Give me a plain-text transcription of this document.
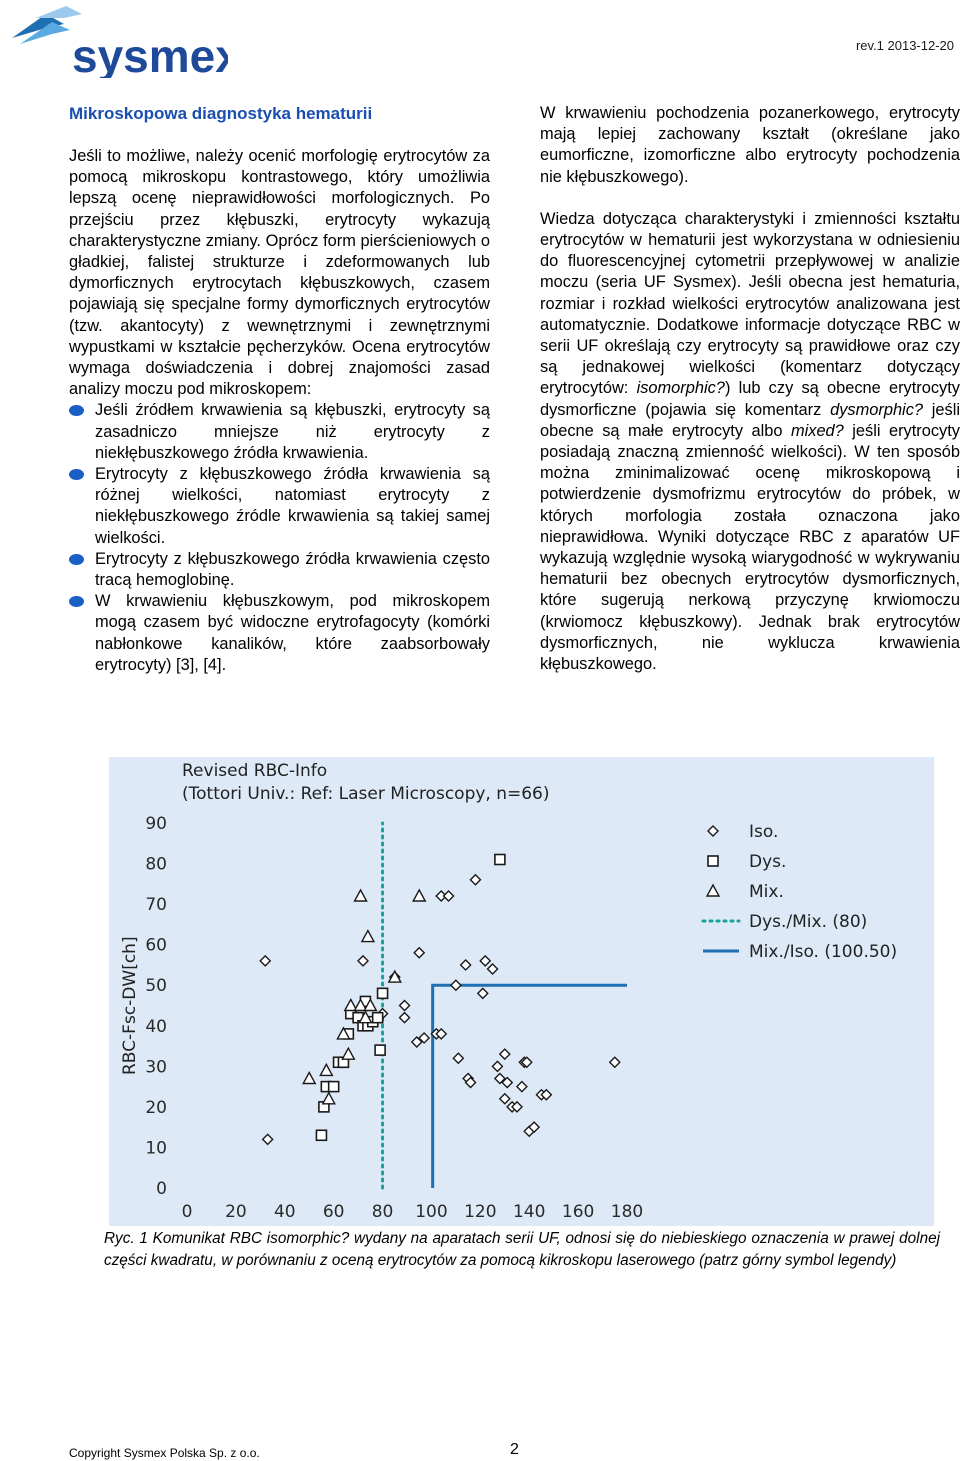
sysmex	rev.1 2013-12-20
Mikroskopowa diagnostyka hematurii

Jeśli to możliwe, należy ocenić morfologię erytrocytów za pomocą mikroskopu kontrastowego, który umożliwia lepszą ocenę nieprawidłowości morfologicznych. Po przejściu przez kłębuszki, erytrocyty wykazują charakterystyczne zmiany. Oprócz form pierścieniowych o gładkiej, falistej strukturze i zdeformowanych lub dymorficznych erytrocytach kłębuszkowych, czasem pojawiają się specjalne formy dymorficznych erytrocytów (tzw. akantocyty) z wewnętrznymi i zewnętrznymi wypustkami w kształcie pęcherzyków. Ocena erytrocytów wymaga doświadczenia i dobrej znajomości zasad analizy moczu pod mikroskopem:

Jeśli źródłem krwawienia są kłębuszki, erytrocyty są zasadniczo mniejsze niż erytrocyty z niekłębuszkowego źródła krwawienia.
Erytrocyty z kłębuszkowego źródła krwawienia są różnej wielkości, natomiast erytrocyty z niekłębuszkowego źródle krwawienia są takiej samej wielkości.
Erytrocyty z kłębuszkowego źródła krwawienia często tracą hemoglobinę.
W krwawieniu kłębuszkowym, pod mikroskopem mogą czasem być widoczne erytrofagocyty (komórki nabłonkowe kanalików, które zaabsorbowały erytrocyty) [3], [4].

W krwawieniu pochodzenia pozanerkowego, erytrocyty mają lepiej zachowany kształt (określane jako eumorficzne, izomorficzne albo erytrocyty pochodzenia nie kłębuszkowego).

Wiedza dotycząca charakterystyki i zmienności kształtu erytrocytów w hematurii jest wykorzystana w odniesieniu do fluorescencyjnej cytometrii przepływowej w analizie moczu (seria UF Sysmex). Jeśli obecna jest hematuria, rozmiar i rozkład wielkości erytrocytów analizowana jest automatycznie. Dodatkowe informacje dotyczące RBC w serii UF określają czy erytrocyty są prawidłowe oraz czy są jednakowej wielkości (komentarz dotyczący erytrocytów: isomorphic?) lub czy są obecne erytrocyty dysmorficzne (pojawia się komentarz dysmorphic? jeśli obecne są małe erytrocyty albo mixed? jeśli erytrocyty posiadają znaczną zmienność wielkości). W ten sposób można zminimalizować ocenę mikroskopową i potwierdzenie dysmofrizmu erytrocytów do próbek, w których morfologia została oznaczona jako nieprawidłowa. Wyniki dotyczące RBC z aparatów UF wykazują względnie wysoką wiarygodność w wykrywaniu hematurii bez obecnych erytrocytów dysmorficznych, które sugerują nerkową przyczynę krwiomoczu (krwiomocz kłębuszkowy). Jednak brak erytrocytów dysmorficznych, nie wyklucza krwawienia kłębuszkowego.

Revised RBC-Info
(Tottori Univ.: Ref: Laser Microscopy, n=66)
RBC-Fsc-DW[ch]
0
10
20
30
40
50
60
70
80
90
0 20 40 60 80 100 120 140 160 180
Iso.
Dys.
Mix.
Dys./Mix. (80)
Mix./Iso. (100.50)
Ryc. 1 Komunikat RBC isomorphic? wydany na aparatach serii UF, odnosi się do niebieskiego oznaczenia w prawej dolnej części kwadratu, w porównaniu z oceną erytrocytów za pomocą kikroskopu laserowego (patrz górny symbol legendy)
Copyright Sysmex Polska Sp. z o.o.	2
